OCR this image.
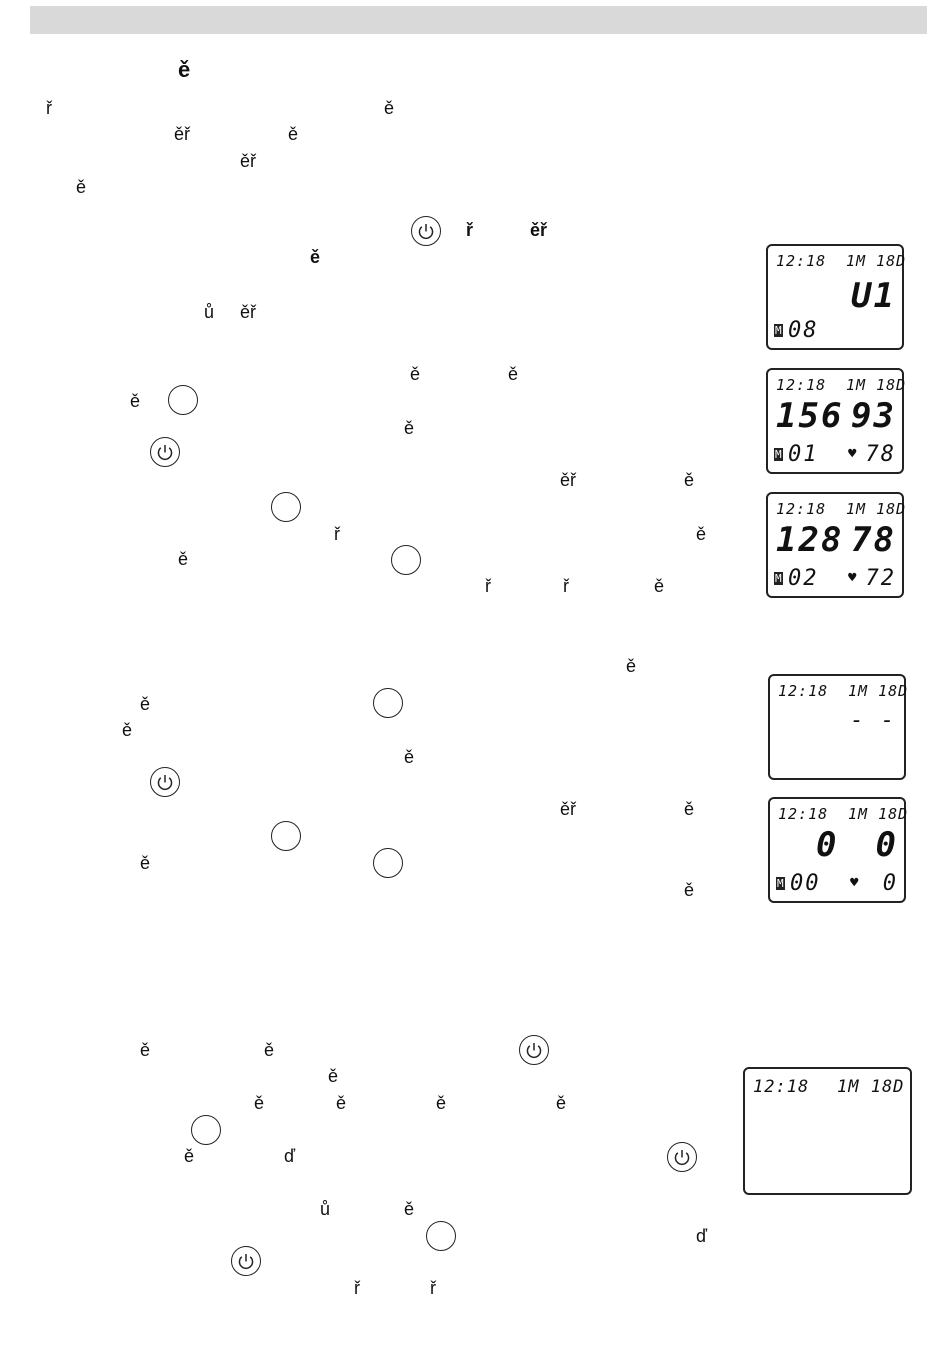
ě
ř	ě
ěř	ě
ěř
ě
ř	ěř
ě
ů ěř
ě	ě
ě
ě
ěř	ě
ř	ě
ě
ř	ř	ě
ě
ě
ě
ě
ěř	ě
ě
ě
ě	ě
ě
ě	ě	ě	ě
ě	ď
ů	ě
ď
ř	ř
12:18 1M 18D
U1
M 08
12:18 1M 18D
156 93
M 01 ♥ 78
12:18 1M 18D
128 78
M 02 ♥ 72
12:18 1M 18D
- -
12:18 1M 18D
0 0
M 00 ♥ 0
12:18 1M 18D
